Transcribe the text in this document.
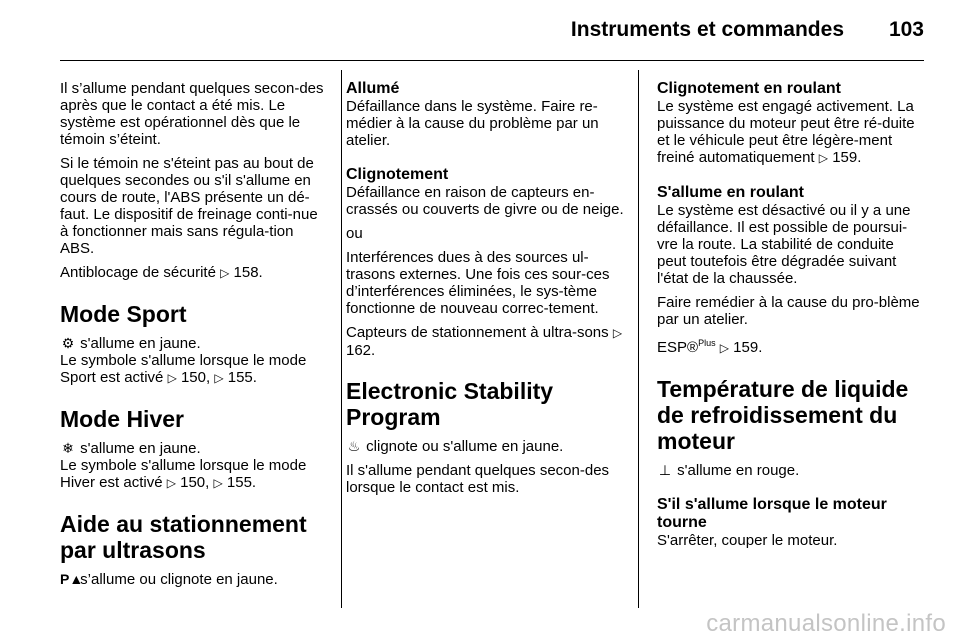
Instruments et commandes 103

Il s’allume pendant quelques secon-des après que le contact a été mis. Le système est opérationnel dès que le témoin s’éteint.

Si le témoin ne s'éteint pas au bout de quelques secondes ou s'il s'allume en cours de route, l'ABS présente un dé-faut. Le dispositif de freinage conti-nue à fonctionner mais sans régula-tion ABS.

Antiblocage de sécurité ▷ 158.

Mode Sport

⚙ s'allume en jaune.

Le symbole s'allume lorsque le mode Sport est activé ▷ 150, ▷ 155.

Mode Hiver

❄ s'allume en jaune.

Le symbole s'allume lorsque le mode Hiver est activé ▷ 150, ▷ 155.

Aide au stationnement par ultrasons

P▲ s’allume ou clignote en jaune.

Allumé

Défaillance dans le système. Faire re-médier à la cause du problème par un atelier.

Clignotement

Défaillance en raison de capteurs en-crassés ou couverts de givre ou de neige.

ou

Interférences dues à des sources ul-trasons externes. Une fois ces sour-ces d’interférences éliminées, le sys-tème fonctionne de nouveau correc-tement.

Capteurs de stationnement à ultra-sons ▷ 162.

Electronic Stability Program

♨ clignote ou s'allume en jaune.

Il s'allume pendant quelques secon-des lorsque le contact est mis.

Clignotement en roulant

Le système est engagé activement. La puissance du moteur peut être ré-duite et le véhicule peut être légère-ment freiné automatiquement ▷ 159.

S'allume en roulant

Le système est désactivé ou il y a une défaillance. Il est possible de poursui-vre la route. La stabilité de conduite peut toutefois être dégradée suivant l'état de la chaussée.

Faire remédier à la cause du pro-blème par un atelier.

ESP®$^{Plus}$ ▷ 159.

Température de liquide de refroidissement du moteur

⊥ s'allume en rouge.

S'il s'allume lorsque le moteur tourne

S'arrêter, couper le moteur.

carmanualsonline.info
